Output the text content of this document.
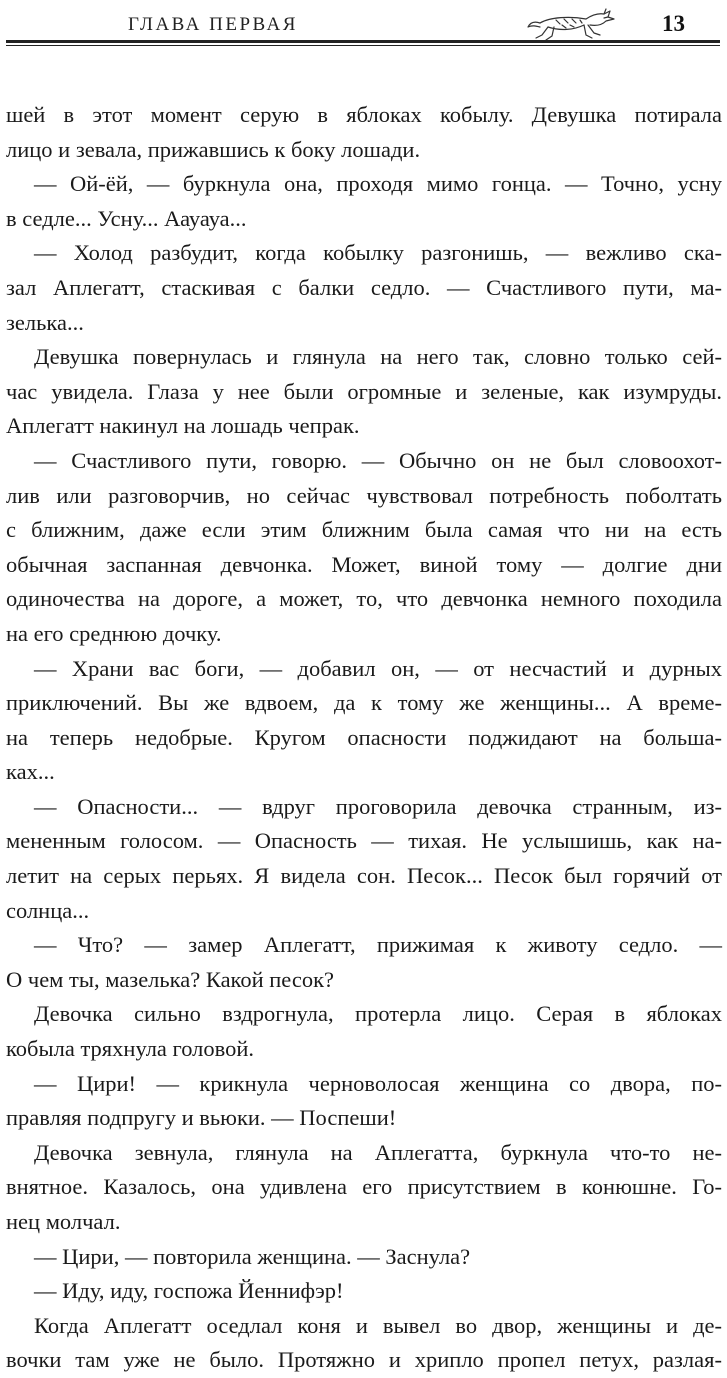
ГЛАВА ПЕРВАЯ	13
шей в этот момент серую в яблоках кобылу. Девушка потирала
лицо и зевала, прижавшись к боку лошади.
— Ой-ёй, — буркнула она, проходя мимо гонца. — Точно, усну
в седле... Усну... Аауауа...
— Холод разбудит, когда кобылку разгонишь, — вежливо ска-
зал Аплегатт, стаскивая с балки седло. — Счастливого пути, ма-
зелька...
Девушка повернулась и глянула на него так, словно только сей-
час увидела. Глаза у нее были огромные и зеленые, как изумруды.
Аплегатт накинул на лошадь чепрак.
— Счастливого пути, говорю. — Обычно он не был словоохот-
лив или разговорчив, но сейчас чувствовал потребность поболтать
с ближним, даже если этим ближним была самая что ни на есть
обычная заспанная девчонка. Может, виной тому — долгие дни
одиночества на дороге, а может, то, что девчонка немного походила
на его среднюю дочку.
— Храни вас боги, — добавил он, — от несчастий и дурных
приключений. Вы же вдвоем, да к тому же женщины... А време-
на теперь недобрые. Кругом опасности поджидают на большa-
ках...
— Опасности... — вдруг проговорила девочка странным, из-
мененным голосом. — Опасность — тихая. Не услышишь, как на-
летит на серых перьях. Я видела сон. Песок... Песок был горячий от
солнца...
— Что? — замер Аплегатт, прижимая к животу седло. —
О чем ты, мазелька? Какой песок?
Девочка сильно вздрогнула, протерла лицо. Серая в яблоках
кобыла тряхнула головой.
— Цири! — крикнула черноволосая женщина со двора, по-
правляя подпругу и вьюки. — Поспеши!
Девочка зевнула, глянула на Аплегатта, буркнула что-то не-
внятное. Казалось, она удивлена его присутствием в конюшне. Го-
нец молчал.
— Цири, — повторила женщина. — Заснула?
— Иду, иду, госпожа Йеннифэр!
Когда Аплегатт оседлал коня и вывел во двор, женщины и де-
вочки там уже не было. Протяжно и хрипло пропел петух, разлая-
